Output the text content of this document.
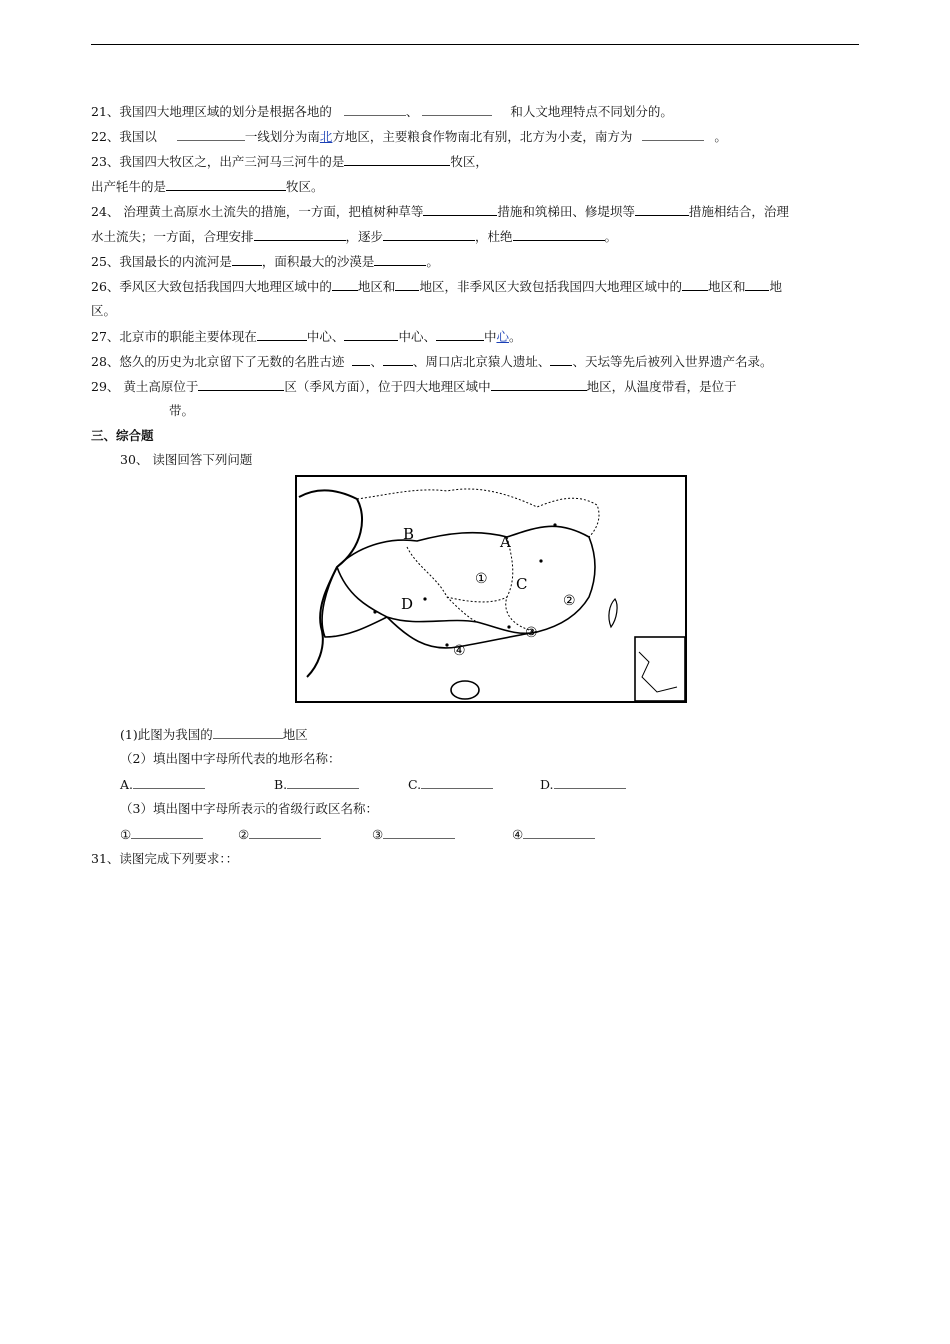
21、我国四大地理区域的划分是根据各地的	、	和人文地理特点不同划分的。
22、我国以	一线划分为南北方地区，主要粮食作物南北有别，北方为小麦，南方为	。
23、我国四大牧区之，出产三河马三河牛的是	牧区，
出产牦牛的是	牧区。
24、 治理黄土高原水土流失的措施，一方面，把植树种草等	措施和筑梯田、修堤坝等	措施相结合，治理
水土流失；一方面，合理安排	，逐步	，杜绝	。
25、我国最长的内流河是 ，面积最大的沙漠是	。
26、季风区大致包括我国四大地理区域中的 地区和 地区，非季风区大致包括我国四大地理区域中的 地区和 地
区。
27、北京市的职能主要体现在	中心、	中心、	中心。
28、悠久的历史为北京留下了无数的名胜古迹 、 、周口店北京猿人遗址、 、天坛等先后被列入世界遗产名录。
29、 黄土高原位于	区（季风方面），位于四大地理区域中	地区，从温度带看，是位于
带。
三、综合题
30、 读图回答下列问题
B	A
C
D
①
②
③
④
(1)此图为我国的	地区
（2）填出图中字母所代表的地形名称：
A.	B.	C.	D.
（3）填出图中字母所表示的省级行政区名称：
①	②	③	④
31、读图完成下列要求：：
